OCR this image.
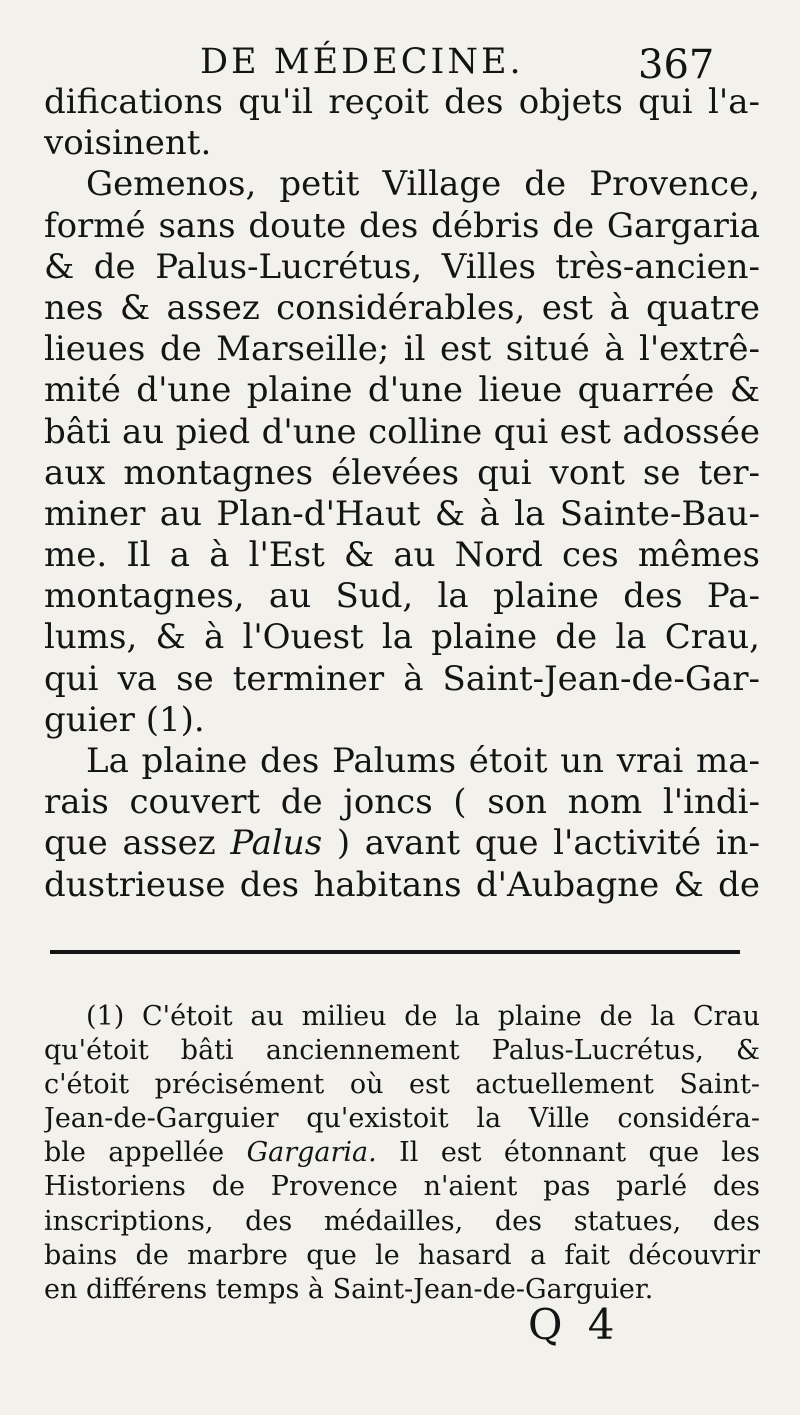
DE MÉDECINE.	367
difications qu'il reçoit des objets qui l'a-
voisinent.
Gemenos, petit Village de Provence,
formé sans doute des débris de Gargaria
& de Palus-Lucrétus, Villes très-ancien-
nes & assez considérables, est à quatre
lieues de Marseille; il est situé à l'extrê-
mité d'une plaine d'une lieue quarrée &
bâti au pied d'une colline qui est adossée
aux montagnes élevées qui vont se ter-
miner au Plan-d'Haut & à la Sainte-Bau-
me. Il a à l'Est & au Nord ces mêmes
montagnes, au Sud, la plaine des Pa-
lums, & à l'Ouest la plaine de la Crau,
qui va se terminer à Saint-Jean-de-Gar-
guier (1).
La plaine des Palums étoit un vrai ma-
rais couvert de joncs ( son nom l'indi-
que assez Palus ) avant que l'activité in-
dustrieuse des habitans d'Aubagne & de
(1) C'étoit au milieu de la plaine de la Crau
qu'étoit bâti anciennement Palus-Lucrétus, &
c'étoit précisément où est actuellement Saint-
Jean-de-Garguier qu'existoit la Ville considéra-
ble appellée Gargaria. Il est étonnant que les
Historiens de Provence n'aient pas parlé des
inscriptions, des médailles, des statues, des
bains de marbre que le hasard a fait découvrir
en différens temps à Saint-Jean-de-Garguier.
Q 4
